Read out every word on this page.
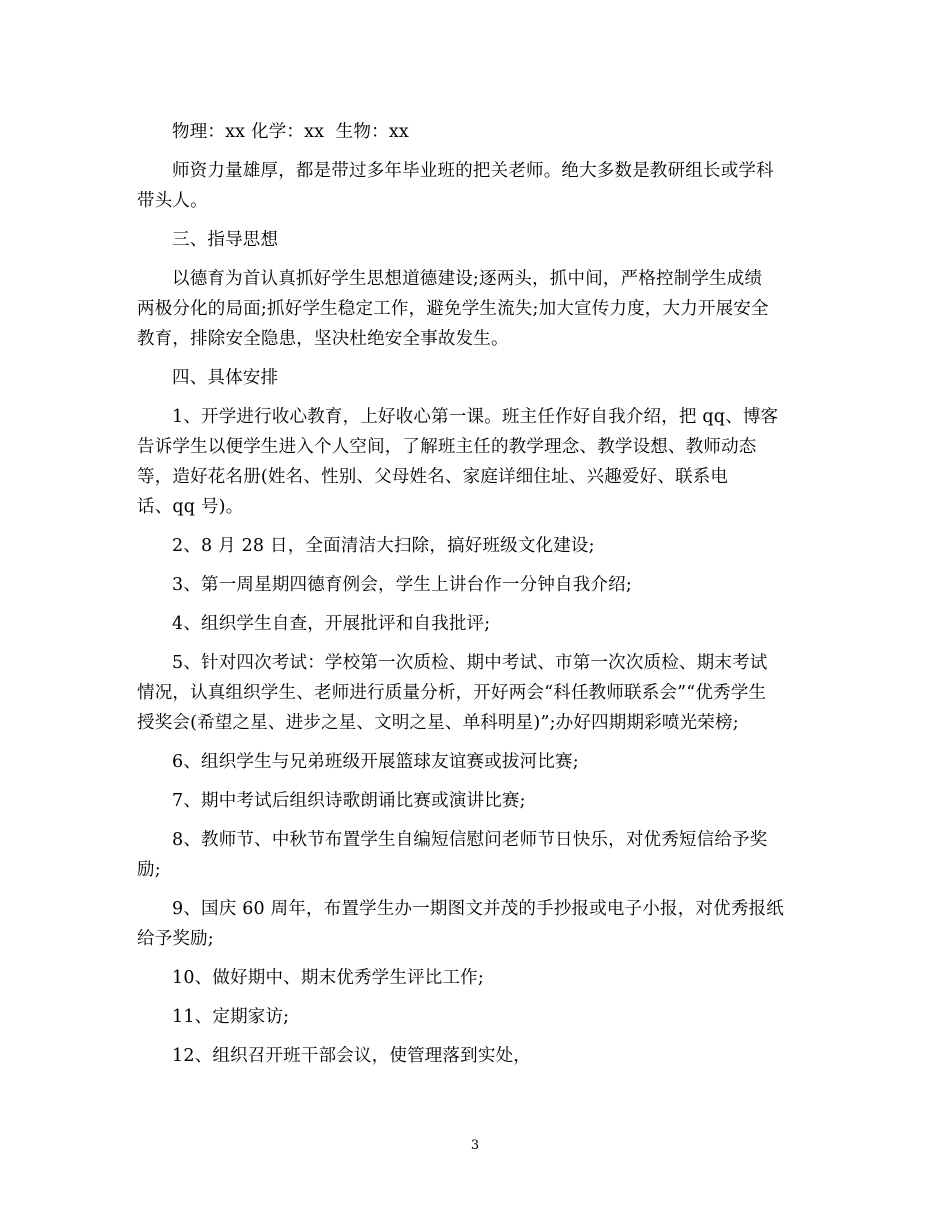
物理：xx 化学：xx  生物：xx

师资力量雄厚，都是带过多年毕业班的把关老师。绝大多数是教研组长或学科
带头人。

三、指导思想

以德育为首认真抓好学生思想道德建设;逐两头，抓中间，严格控制学生成绩
两极分化的局面;抓好学生稳定工作，避免学生流失;加大宣传力度，大力开展安全
教育，排除安全隐患，坚决杜绝安全事故发生。

四、具体安排

1、开学进行收心教育，上好收心第一课。班主任作好自我介绍，把 qq、博客
告诉学生以便学生进入个人空间，了解班主任的教学理念、教学设想、教师动态
等，造好花名册(姓名、性别、父母姓名、家庭详细住址、兴趣爱好、联系电
话、qq 号)。

2、8 月 28 日，全面清洁大扫除，搞好班级文化建设;

3、第一周星期四德育例会，学生上讲台作一分钟自我介绍;

4、组织学生自查，开展批评和自我批评;

5、针对四次考试：学校第一次质检、期中考试、市第一次次质检、期末考试
情况，认真组织学生、老师进行质量分析，开好两会“科任教师联系会”“优秀学生
授奖会(希望之星、进步之星、文明之星、单科明星)”;办好四期期彩喷光荣榜;

6、组织学生与兄弟班级开展篮球友谊赛或拔河比赛;

7、期中考试后组织诗歌朗诵比赛或演讲比赛;

8、教师节、中秋节布置学生自编短信慰问老师节日快乐，对优秀短信给予奖
励;

9、国庆 60 周年，布置学生办一期图文并茂的手抄报或电子小报，对优秀报纸
给予奖励;

10、做好期中、期末优秀学生评比工作;

11、定期家访;

12、组织召开班干部会议，使管理落到实处，

3
